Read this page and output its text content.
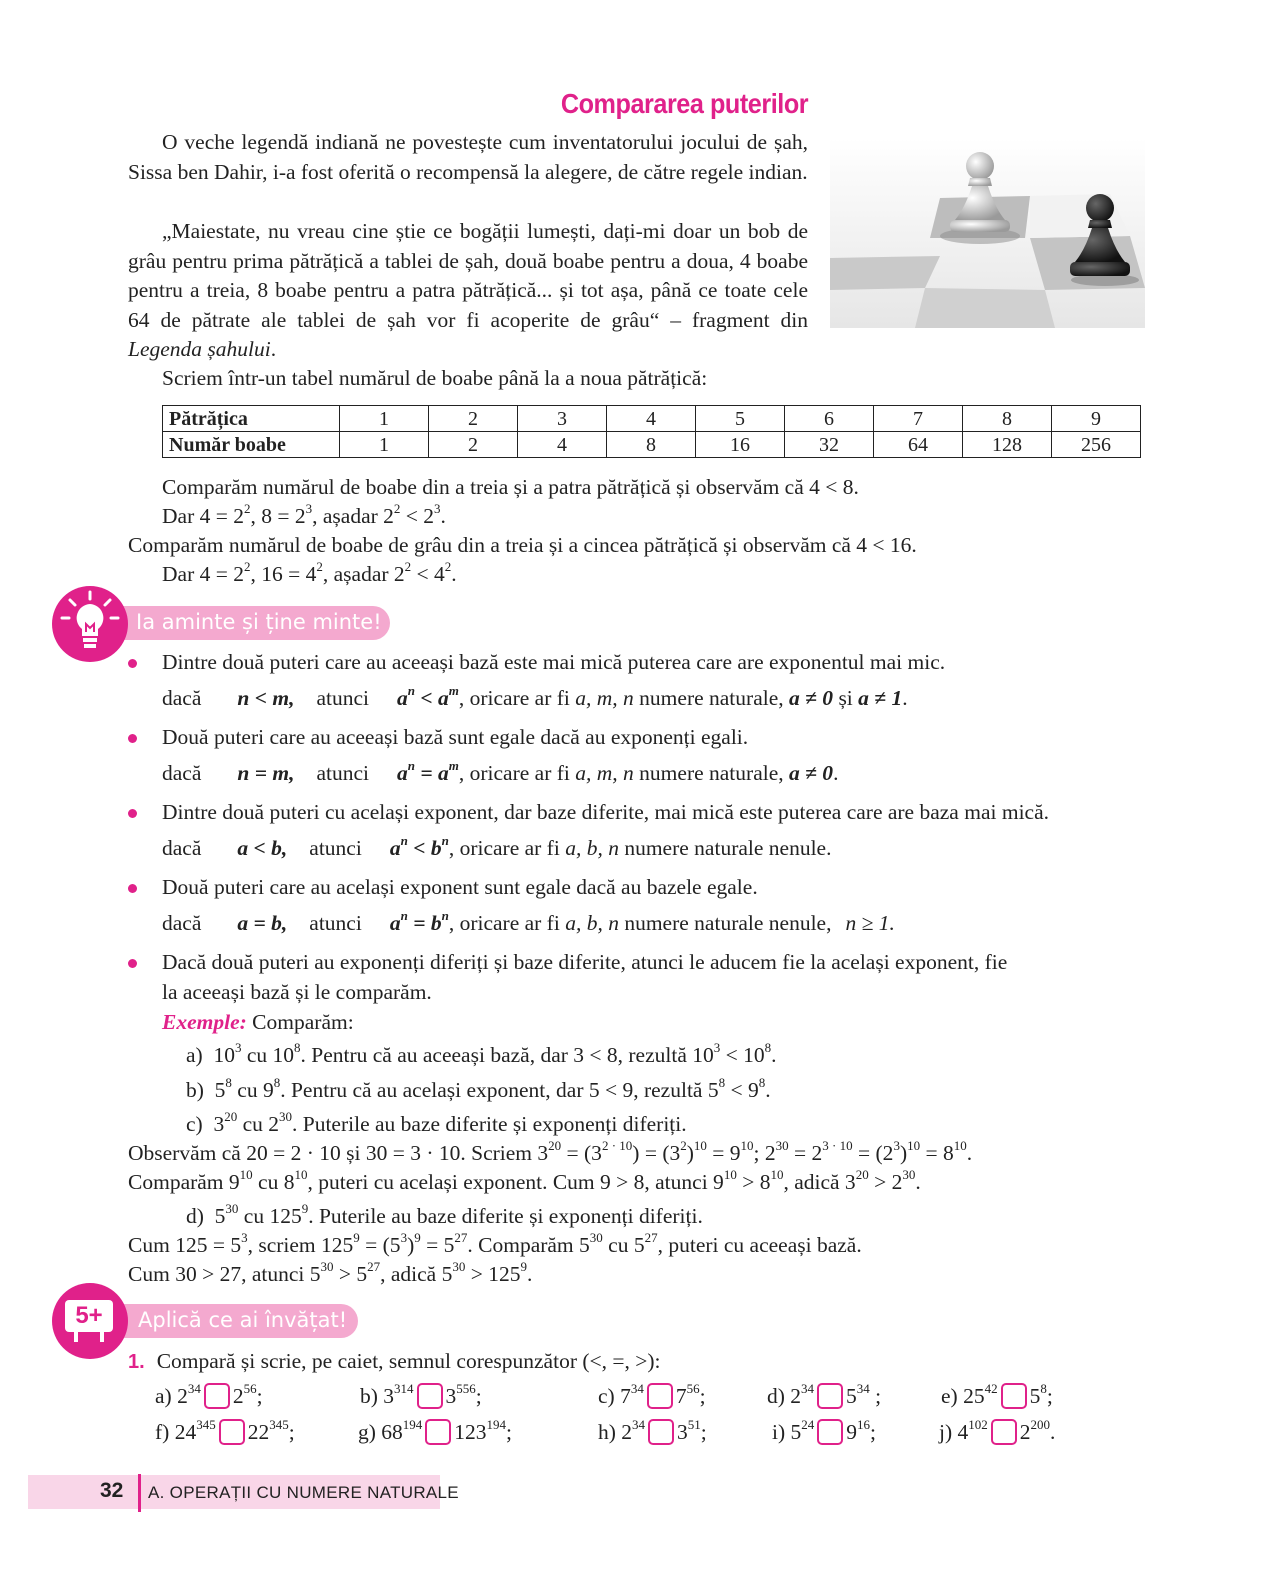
Compararea puterilor
O veche legendă indiană ne povestește cum inventatorului jocului de șah, Sissa ben Dahir, i-a fost oferită o recompensă la alegere, de către regele indian.
„Maiestate, nu vreau cine știe ce bogății lumești, dați-mi doar un bob de grâu pentru prima pătrățică a tablei de șah, două boabe pentru a doua, 4 boabe pentru a treia, 8 boabe pentru a patra pătrățică... și tot așa, până ce toate cele 64 de pătrate ale tablei de șah vor fi acoperite de grâu“ – fragment din Legenda șahului.
Scriem într-un tabel numărul de boabe până la a noua pătrățică:
Pătrățica	1	2	3	4	5	6	7	8	9
Număr boabe	1	2	4	8	16	32	64	128	256
Comparăm numărul de boabe din a treia și a patra pătrățică și observăm că 4 < 8.
Dar $4 = 2^2$, $8 = 2^3$, așadar $2^2 < 2^3$.
Comparăm numărul de boabe de grâu din a treia și a cincea pătrățică și observăm că 4 < 16.
Dar $4 = 2^2$, $16 = 4^2$, așadar $2^2 < 4^2$.
Ia aminte și ține minte!
Dintre două puteri care au aceeași bază este mai mică puterea care are exponentul mai mic.
dacă n < m, atunci $a^n < a^m$, oricare ar fi a, m, n numere naturale, a ≠ 0 și a ≠ 1.
Două puteri care au aceeași bază sunt egale dacă au exponenți egali.
dacă n = m, atunci $a^n = a^m$, oricare ar fi a, m, n numere naturale, a ≠ 0.
Dintre două puteri cu același exponent, dar baze diferite, mai mică este puterea care are baza mai mică.
dacă a < b, atunci $a^n < b^n$, oricare ar fi a, b, n numere naturale nenule.
Două puteri care au același exponent sunt egale dacă au bazele egale.
dacă a = b, atunci $a^n = b^n$, oricare ar fi a, b, n numere naturale nenule, n ≥ 1.
Dacă două puteri au exponenți diferiți și baze diferite, atunci le aducem fie la același exponent, fie
la aceeași bază și le comparăm.
Exemple: Comparăm:
a) $10^3$ cu $10^8$. Pentru că au aceeași bază, dar 3 < 8, rezultă $10^3 < 10^8$.
b) $5^8$ cu $9^8$. Pentru că au același exponent, dar 5 < 9, rezultă $5^8 < 9^8$.
c) $3^{20}$ cu $2^{30}$. Puterile au baze diferite și exponenți diferiți.
Observăm că 20 = 2 · 10 și 30 = 3 · 10. Scriem $3^{20} = (3^{2 \cdot 10}) = (3^2)^{10} = 9^{10}$; $2^{30} = 2^{3 \cdot 10} = (2^3)^{10} = 8^{10}$.
Comparăm $9^{10}$ cu $8^{10}$, puteri cu același exponent. Cum 9 > 8, atunci $9^{10} > 8^{10}$, adică $3^{20} > 2^{30}$.
d) $5^{30}$ cu $125^9$. Puterile au baze diferite și exponenți diferiți.
Cum $125 = 5^3$, scriem $125^9 = (5^3)^9 = 5^{27}$. Comparăm $5^{30}$ cu $5^{27}$, puteri cu aceeași bază.
Cum 30 > 27, atunci $5^{30} > 5^{27}$, adică $5^{30} > 125^9$.
Aplică ce ai învățat!
5+
1. Compară și scrie, pe caiet, semnul corespunzător (<, =, >):
a) $2^{34}$ $2^{56}$;	b) $3^{314}$ $3^{556}$;	c) $7^{34}$ $7^{56}$;	d) $2^{34}$ $5^{34}$ ;	e) $25^{42}$ $5^8$;
f) $24^{345}$ $22^{345}$;	g) $68^{194}$ $123^{194}$;	h) $2^{34}$ $3^{51}$;	i) $5^{24}$ $9^{16}$;	j) $4^{102}$ $2^{200}$.
32 A. OPERAȚII CU NUMERE NATURALE
